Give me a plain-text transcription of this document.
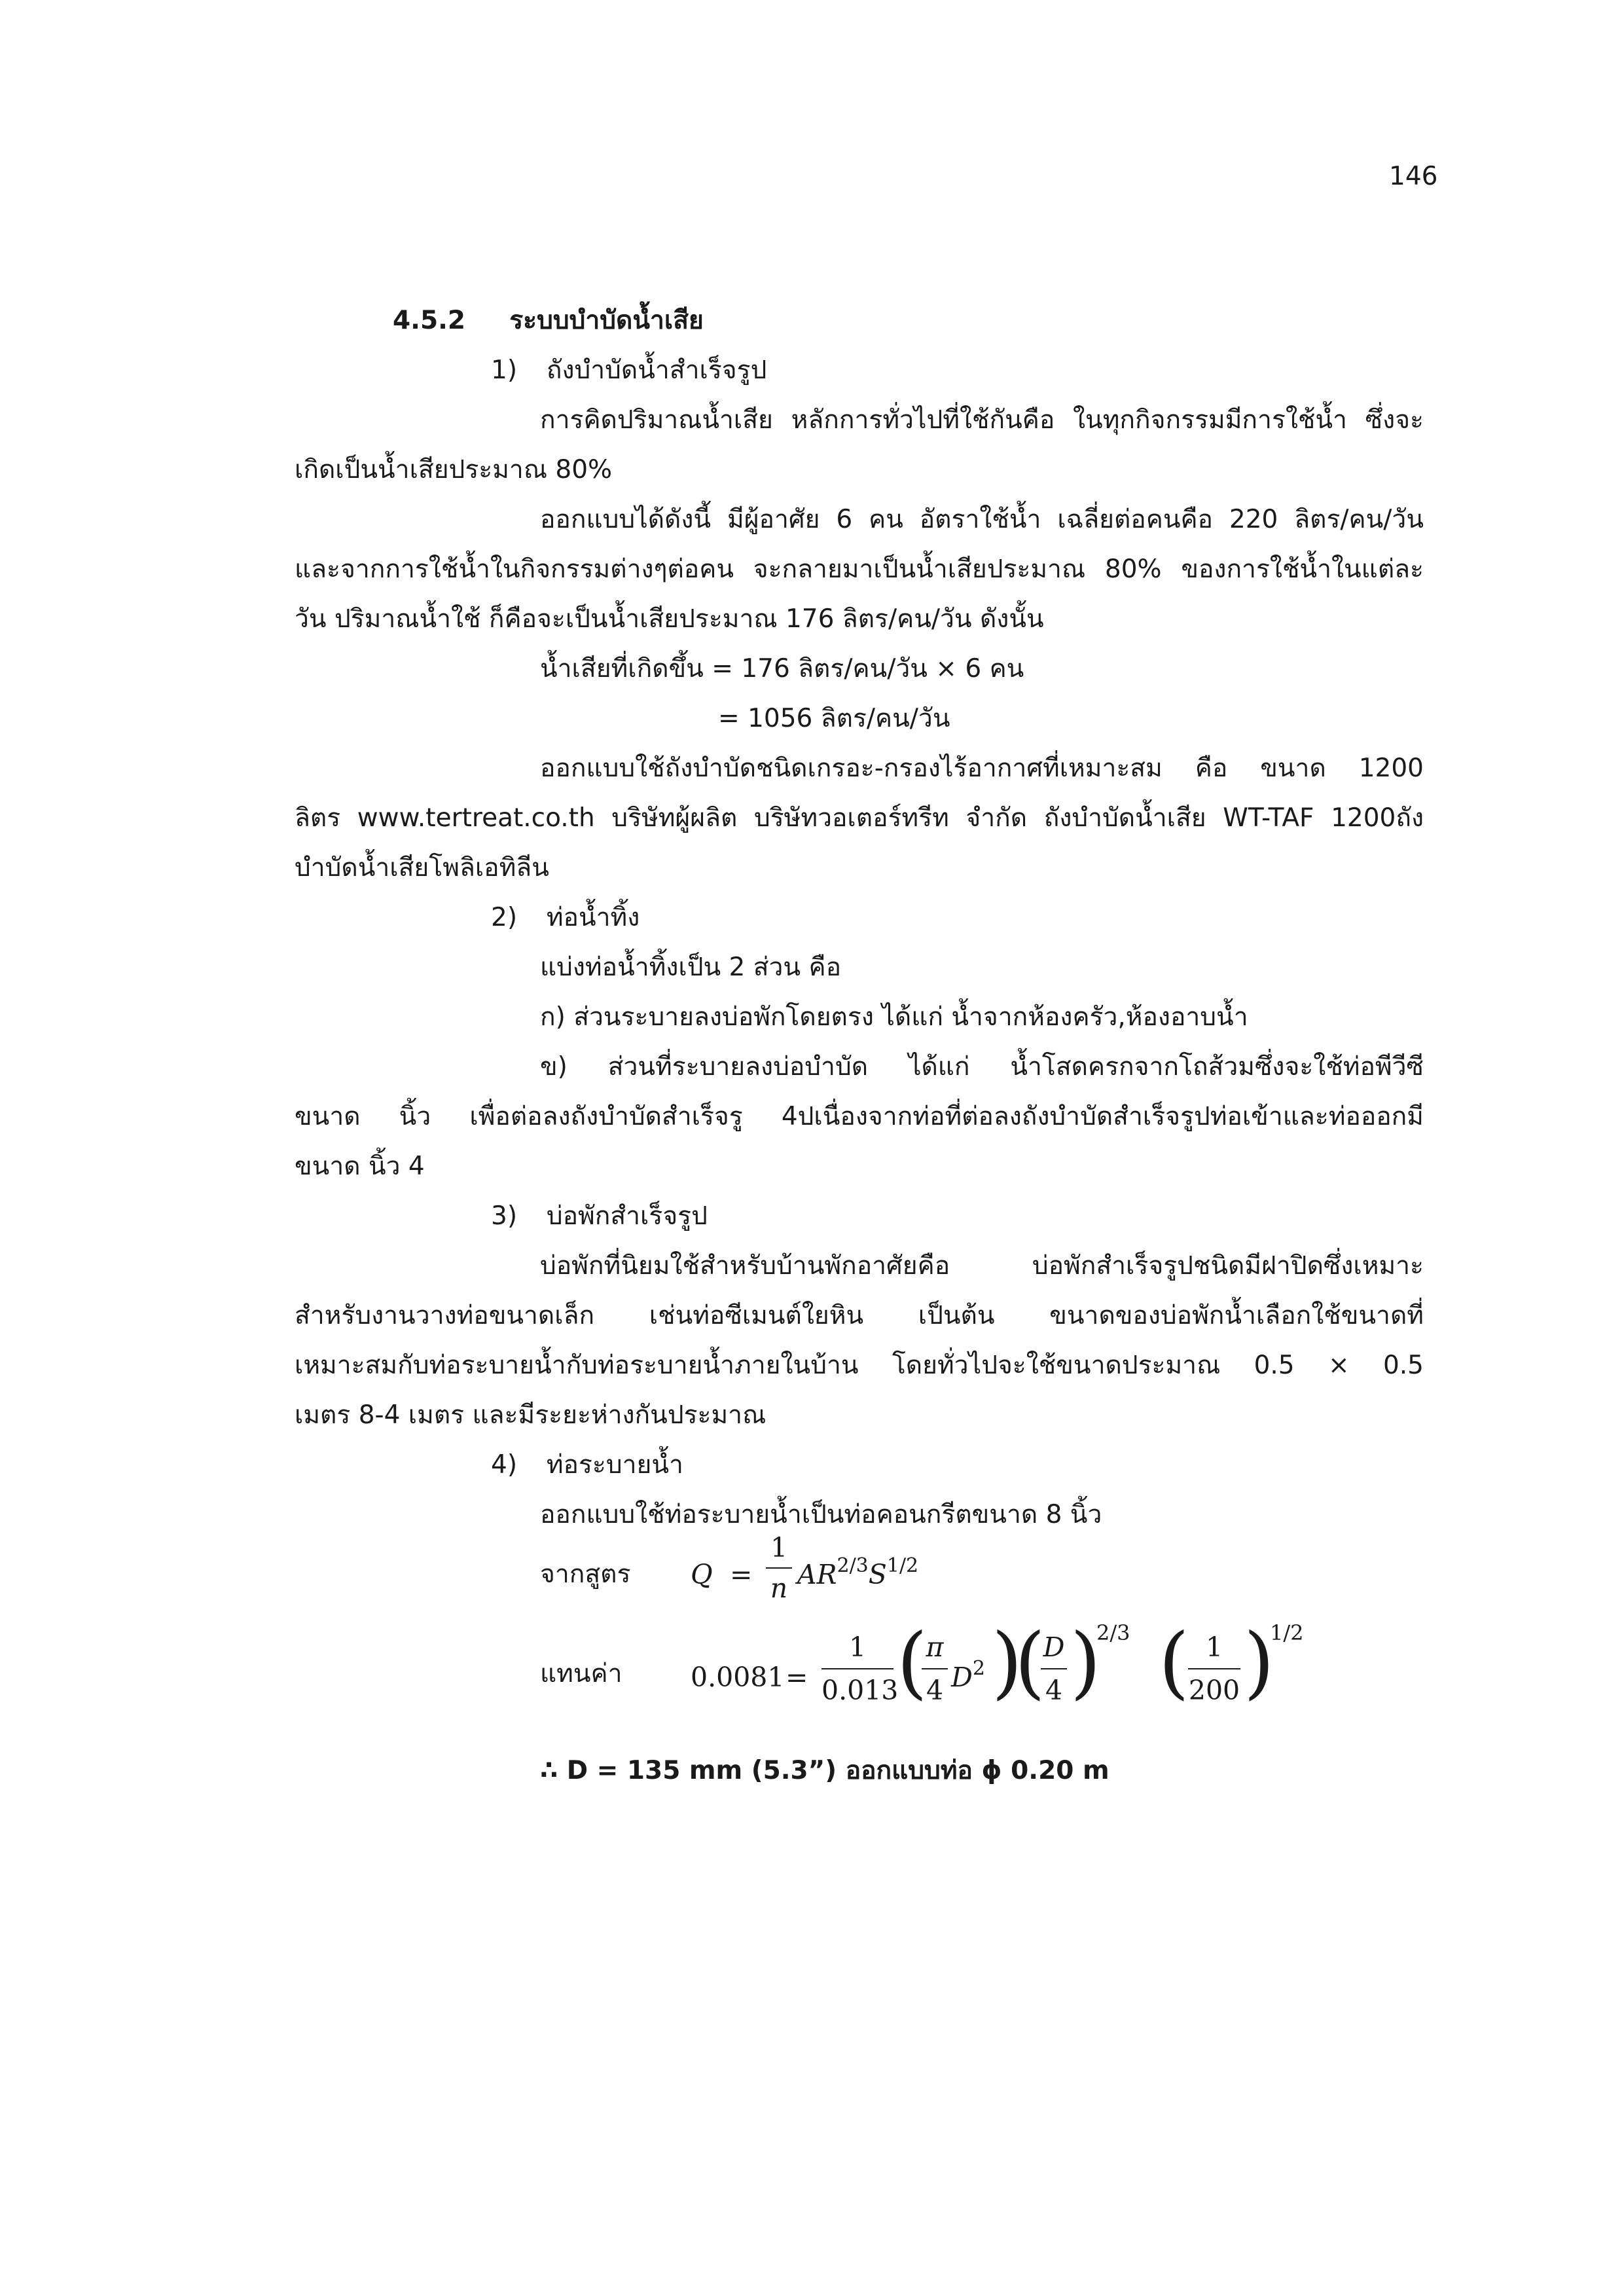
146
4.5.2 ระบบบำบัดน้ำเสีย
1) ถังบำบัดน้ำสำเร็จรูป
การคิดปริมาณน้ำเสีย หลักการทั่วไปที่ใช้กันคือ ในทุกกิจกรรมมีการใช้น้ำ ซึ่งจะ
เกิดเป็นน้ำเสียประมาณ 80%
ออกแบบได้ดังนี้ มีผู้อาศัย 6 คน อัตราใช้น้ำ เฉลี่ยต่อคนคือ 220 ลิตร/คน/วัน
และจากการใช้น้ำในกิจกรรมต่างๆต่อคน จะกลายมาเป็นน้ำเสียประมาณ 80% ของการใช้น้ำในแต่ละ
วัน ปริมาณน้ำใช้ ก็คือจะเป็นน้ำเสียประมาณ 176 ลิตร/คน/วัน ดังนั้น
น้ำเสียที่เกิดขึ้น = 176 ลิตร/คน/วัน × 6 คน
= 1056 ลิตร/คน/วัน
ออกแบบใช้ถังบำบัดชนิดเกรอะ-กรองไร้อากาศที่เหมาะสม คือ ขนาด 1200
ลิตร www.tertreat.co.th บริษัทผู้ผลิต บริษัทวอเตอร์ทรีท จำกัด ถังบำบัดน้ำเสีย WT-TAF 1200ถัง
บำบัดน้ำเสียโพลิเอทิลีน
2) ท่อน้ำทิ้ง
แบ่งท่อน้ำทิ้งเป็น 2 ส่วน คือ
ก) ส่วนระบายลงบ่อพักโดยตรง ได้แก่ น้ำจากห้องครัว,ห้องอาบน้ำ
ข) ส่วนที่ระบายลงบ่อบำบัด ได้แก่ น้ำโสดครกจากโถส้วมซึ่งจะใช้ท่อพีวีซี
ขนาด นิ้ว เพื่อต่อลงถังบำบัดสำเร็จรู 4ปเนื่องจากท่อที่ต่อลงถังบำบัดสำเร็จรูปท่อเข้าและท่อออกมี
ขนาด นิ้ว 4
3) บ่อพักสำเร็จรูป
บ่อพักที่นิยมใช้สำหรับบ้านพักอาศัยคือ บ่อพักสำเร็จรูปชนิดมีฝาปิดซึ่งเหมาะ
สำหรับงานวางท่อขนาดเล็ก เช่นท่อซีเมนต์ใยหิน เป็นต้น ขนาดของบ่อพักน้ำเลือกใช้ขนาดที่
เหมาะสมกับท่อระบายน้ำกับท่อระบายน้ำภายในบ้าน โดยทั่วไปจะใช้ขนาดประมาณ 0.5 × 0.5
เมตร 8-4 เมตร และมีระยะห่างกันประมาณ
4) ท่อระบายน้ำ
ออกแบบใช้ท่อระบายน้ำเป็นท่อคอนกรีตขนาด 8 นิ้ว
จากสูตร Q =
1
n $AR^{2/3}S^{1/2}$
แทนค่า	0.0081 =
1
0.013
(
π
4 $D^2$ )
(
D
4 )
2/3 ( 1
200 )
1/2
∴ D = 135 mm (5.3”) ออกแบบท่อ ϕ 0.20 m
